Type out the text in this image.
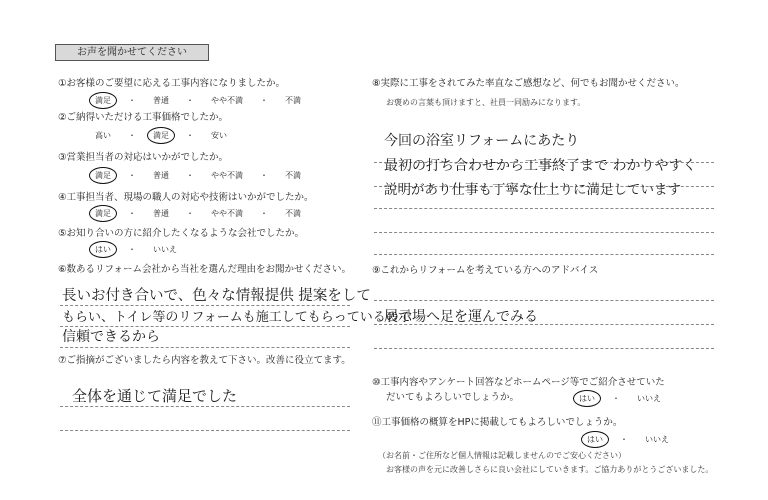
お声を聞かせてください
①お客様のご要望に応える工事内容になりましたか。
満足	・	普通	・	やや不満	・	不満
②ご納得いただける工事価格でしたか。
高い	・	満足	・	安い
③営業担当者の対応はいかがでしたか。
満足	・	普通	・	やや不満	・	不満
④工事担当者、現場の職人の対応や技術はいかがでしたか。
満足	・	普通	・	やや不満	・	不満
⑤お知り合いの方に紹介したくなるような会社でしたか。
はい	・	いいえ
⑥数あるリフォーム会社から当社を選んだ理由をお聞かせください。
長いお付き合いで、色々な情報提供 提案をして
もらい、トイレ等のリフォームも施工してもらっているので
信頼できるから
⑦ご指摘がございましたら内容を教えて下さい。改善に役立てます。
全体を通じて満足でした
⑧実際に工事をされてみた率直なご感想など、何でもお聞かせください。
お褒めの言葉も頂けますと、社員一同励みになります。
今回の浴室リフォームにあたり
最初の打ち合わせから工事終了まで わかりやすく
説明があり仕事も丁寧な仕上りに満足しています
⑨これからリフォームを考えている方へのアドバイス
展示場へ足を運んでみる
⑩工事内容やアンケート回答などホームページ等でご紹介させていた
だいてもよろしいでしょうか。	はい	・	いいえ
⑪工事価格の概算をHPに掲載してもよろしいでしょうか。
はい	・	いいえ
（お名前・ご住所など個人情報は記載しませんのでご安心ください）
お客様の声を元に改善しさらに良い会社にしていきます。ご協力ありがとうございました。
